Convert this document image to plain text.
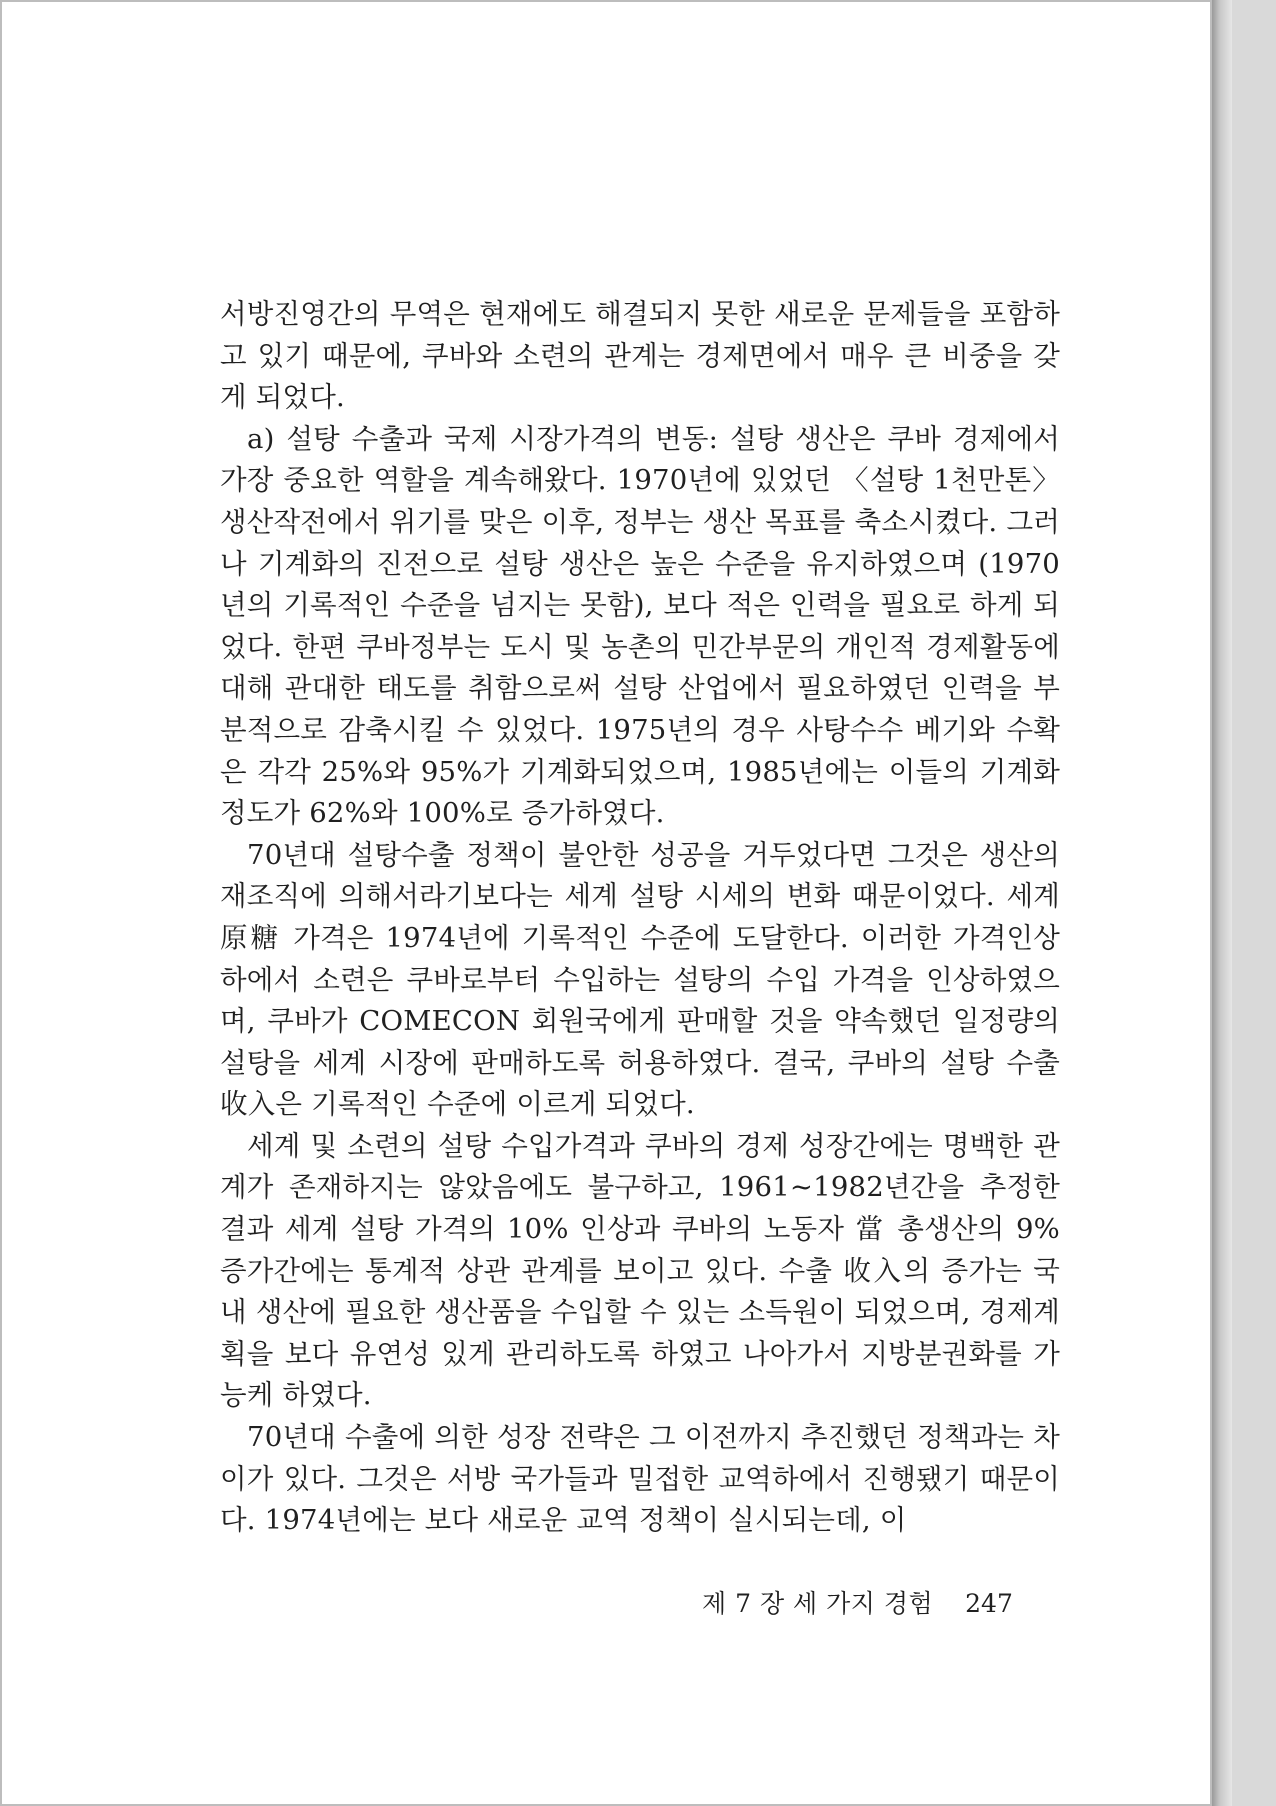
서방진영간의 무역은 현재에도 해결되지 못한 새로운 문제들을 포함하고 있기 때문에, 쿠바와 소련의 관계는 경제면에서 매우 큰 비중을 갖게 되었다.

a) 설탕 수출과 국제 시장가격의 변동: 설탕 생산은 쿠바 경제에서 가장 중요한 역할을 계속해왔다. 1970년에 있었던 〈설탕 1천만톤〉 생산작전에서 위기를 맞은 이후, 정부는 생산 목표를 축소시켰다. 그러나 기계화의 진전으로 설탕 생산은 높은 수준을 유지하였으며 (1970년의 기록적인 수준을 넘지는 못함), 보다 적은 인력을 필요로 하게 되었다. 한편 쿠바정부는 도시 및 농촌의 민간부문의 개인적 경제활동에 대해 관대한 태도를 취함으로써 설탕 산업에서 필요하였던 인력을 부분적으로 감축시킬 수 있었다. 1975년의 경우 사탕수수 베기와 수확은 각각 25%와 95%가 기계화되었으며, 1985년에는 이들의 기계화 정도가 62%와 100%로 증가하였다.

70년대 설탕수출 정책이 불안한 성공을 거두었다면 그것은 생산의 재조직에 의해서라기보다는 세계 설탕 시세의 변화 때문이었다. 세계 原糖 가격은 1974년에 기록적인 수준에 도달한다. 이러한 가격인상하에서 소련은 쿠바로부터 수입하는 설탕의 수입 가격을 인상하였으며, 쿠바가 COMECON 회원국에게 판매할 것을 약속했던 일정량의 설탕을 세계 시장에 판매하도록 허용하였다. 결국, 쿠바의 설탕 수출 收入은 기록적인 수준에 이르게 되었다.

세계 및 소련의 설탕 수입가격과 쿠바의 경제 성장간에는 명백한 관계가 존재하지는 않았음에도 불구하고, 1961~1982년간을 추정한 결과 세계 설탕 가격의 10% 인상과 쿠바의 노동자 當 총생산의 9% 증가간에는 통계적 상관 관계를 보이고 있다. 수출 收入의 증가는 국내 생산에 필요한 생산품을 수입할 수 있는 소득원이 되었으며, 경제계획을 보다 유연성 있게 관리하도록 하였고 나아가서 지방분권화를 가능케 하였다.

70년대 수출에 의한 성장 전략은 그 이전까지 추진했던 정책과는 차이가 있다. 그것은 서방 국가들과 밀접한 교역하에서 진행됐기 때문이다. 1974년에는 보다 새로운 교역 정책이 실시되는데, 이

제 7 장 세 가지 경험 247
